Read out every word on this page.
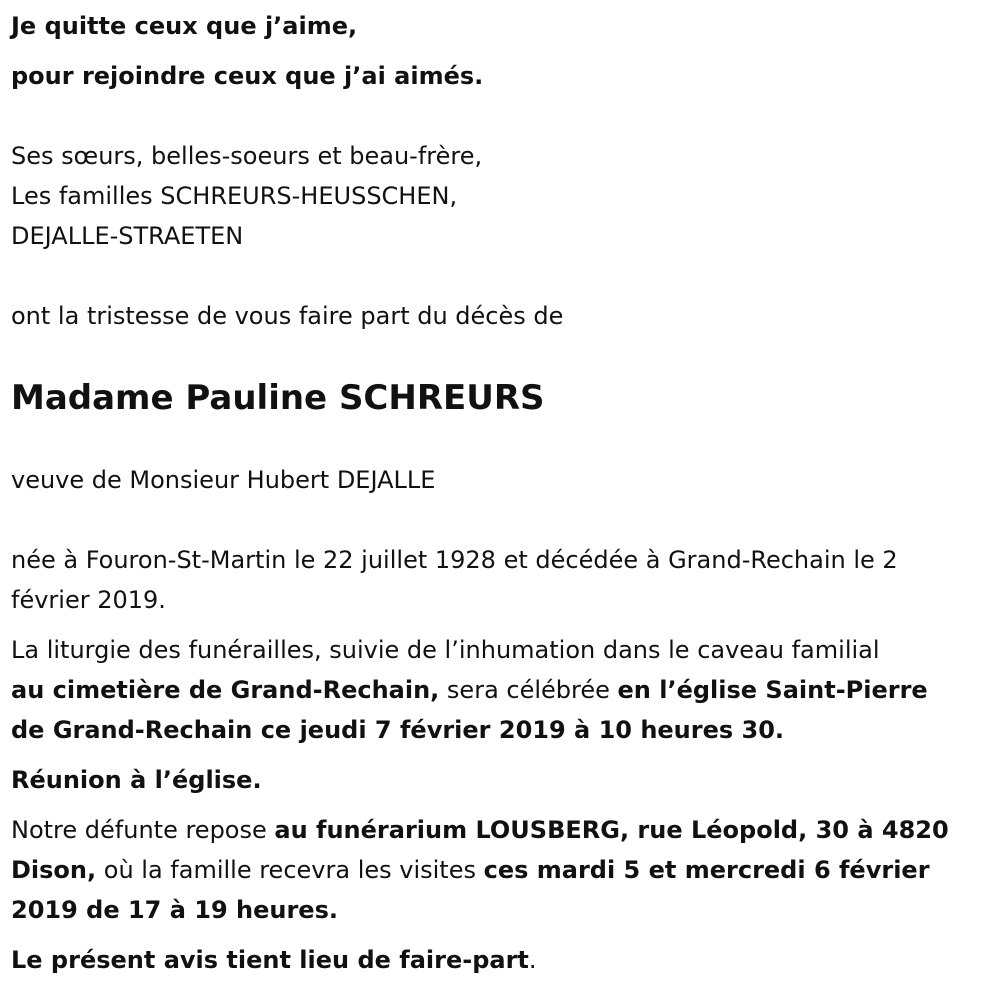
Je quitte ceux que j’aime,
pour rejoindre ceux que j’ai aimés.
Ses sœurs, belles-soeurs et beau-frère,
Les familles SCHREURS-HEUSSCHEN,
DEJALLE-STRAETEN
ont la tristesse de vous faire part du décès de
Madame Pauline SCHREURS
veuve de Monsieur Hubert DEJALLE
née à Fouron-St-Martin le 22 juillet 1928 et décédée à Grand-Rechain le 2
février 2019.
La liturgie des funérailles, suivie de l’inhumation dans le caveau familial
au cimetière de Grand-Rechain, sera célébrée en l’église Saint-Pierre
de Grand-Rechain ce jeudi 7 février 2019 à 10 heures 30.
Réunion à l’église.
Notre défunte repose au funérarium LOUSBERG, rue Léopold, 30 à 4820
Dison, où la famille recevra les visites ces mardi 5 et mercredi 6 février
2019 de 17 à 19 heures.
Le présent avis tient lieu de faire-part.
